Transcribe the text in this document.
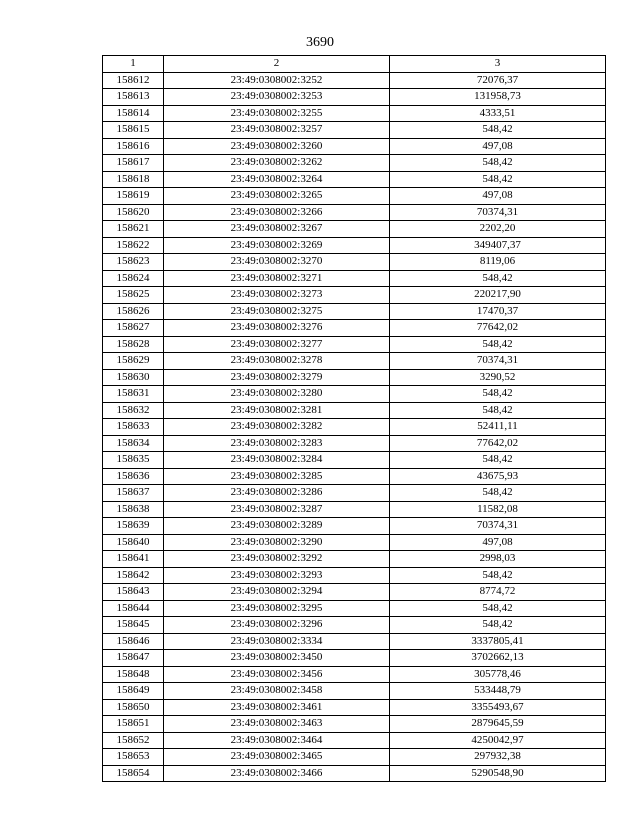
3690
1	2	3
158612	23:49:0308002:3252	72076,37
158613	23:49:0308002:3253	131958,73
158614	23:49:0308002:3255	4333,51
158615	23:49:0308002:3257	548,42
158616	23:49:0308002:3260	497,08
158617	23:49:0308002:3262	548,42
158618	23:49:0308002:3264	548,42
158619	23:49:0308002:3265	497,08
158620	23:49:0308002:3266	70374,31
158621	23:49:0308002:3267	2202,20
158622	23:49:0308002:3269	349407,37
158623	23:49:0308002:3270	8119,06
158624	23:49:0308002:3271	548,42
158625	23:49:0308002:3273	220217,90
158626	23:49:0308002:3275	17470,37
158627	23:49:0308002:3276	77642,02
158628	23:49:0308002:3277	548,42
158629	23:49:0308002:3278	70374,31
158630	23:49:0308002:3279	3290,52
158631	23:49:0308002:3280	548,42
158632	23:49:0308002:3281	548,42
158633	23:49:0308002:3282	52411,11
158634	23:49:0308002:3283	77642,02
158635	23:49:0308002:3284	548,42
158636	23:49:0308002:3285	43675,93
158637	23:49:0308002:3286	548,42
158638	23:49:0308002:3287	11582,08
158639	23:49:0308002:3289	70374,31
158640	23:49:0308002:3290	497,08
158641	23:49:0308002:3292	2998,03
158642	23:49:0308002:3293	548,42
158643	23:49:0308002:3294	8774,72
158644	23:49:0308002:3295	548,42
158645	23:49:0308002:3296	548,42
158646	23:49:0308002:3334	3337805,41
158647	23:49:0308002:3450	3702662,13
158648	23:49:0308002:3456	305778,46
158649	23:49:0308002:3458	533448,79
158650	23:49:0308002:3461	3355493,67
158651	23:49:0308002:3463	2879645,59
158652	23:49:0308002:3464	4250042,97
158653	23:49:0308002:3465	297932,38
158654	23:49:0308002:3466	5290548,90
